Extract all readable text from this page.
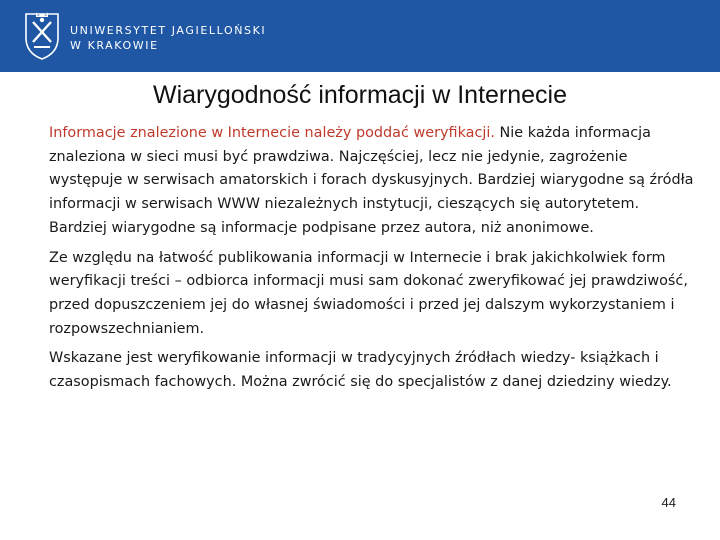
UNIWERSYTET JAGIELLOŃSKI
W KRAKOWIE
Wiarygodność informacji w Internecie

Informacje znalezione w Internecie należy poddać weryfikacji. Nie każda informacja znaleziona w sieci musi być prawdziwa. Najczęściej, lecz nie jedynie, zagrożenie występuje w serwisach amatorskich i forach dyskusyjnych. Bardziej wiarygodne są źródła informacji w serwisach WWW niezależnych instytucji, cieszących się autorytetem. Bardziej wiarygodne są informacje podpisane przez autora, niż anonimowe.

Ze względu na łatwość publikowania informacji w Internecie i brak jakichkolwiek form weryfikacji treści – odbiorca informacji musi sam dokonać zweryfikować jej prawdziwość, przed dopuszczeniem jej do własnej świadomości i przed jej dalszym wykorzystaniem i rozpowszechnianiem.

Wskazane jest weryfikowanie informacji w tradycyjnych źródłach wiedzy- książkach i czasopismach fachowych. Można zwrócić się do specjalistów z danej dziedziny wiedzy.

44
